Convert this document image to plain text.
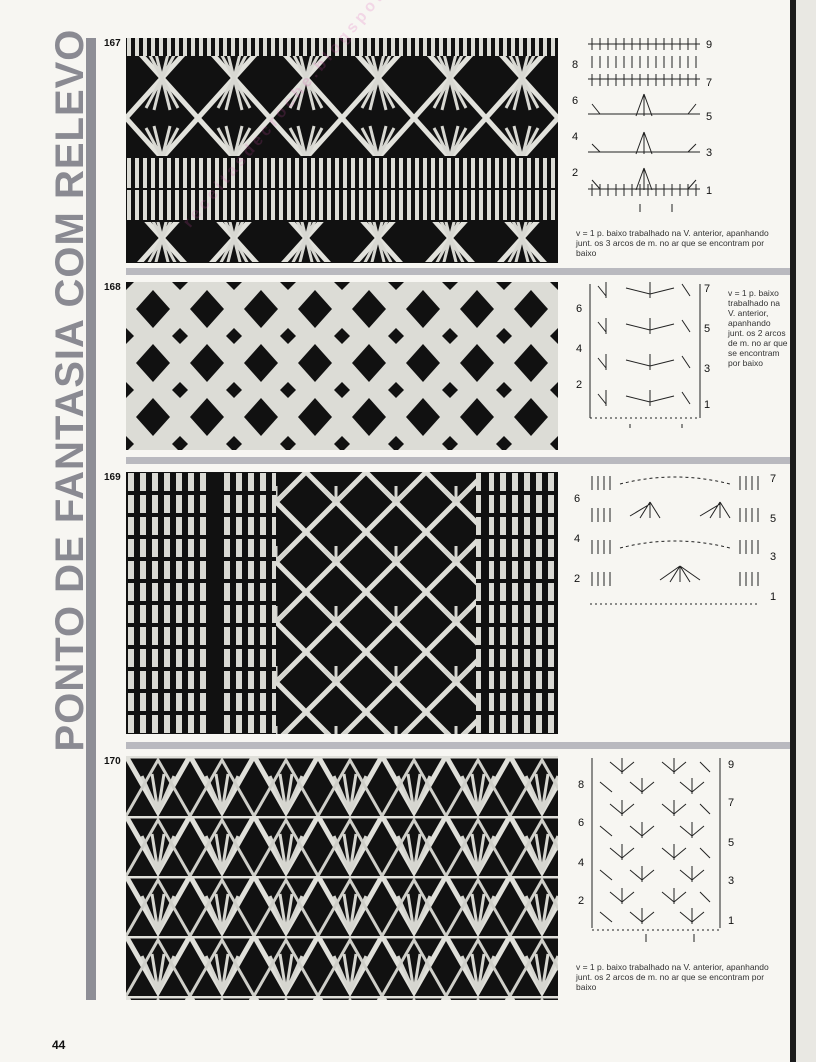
PONTO DE FANTASIA COM RELEVO	167
8
6
4
2
9
7
5
3
1
v = 1 p. baixo trabalhado na V. anterior, apanhando junt. os 3 arcos de m. no ar que se encontram por baixo
168
6
4
2
7
5
3
1
v = 1 p. baixo trabalhado na V. anterior, apanhando junt. os 2 arcos de m. no ar que se encontram por baixo
169
6
4
2
7
5
3
1
170
8
6
4
2
9
7
5
3
1
v = 1 p. baixo trabalhado na V. anterior, apanhando junt. os 2 arcos de m. no ar que se encontram por baixo
44
